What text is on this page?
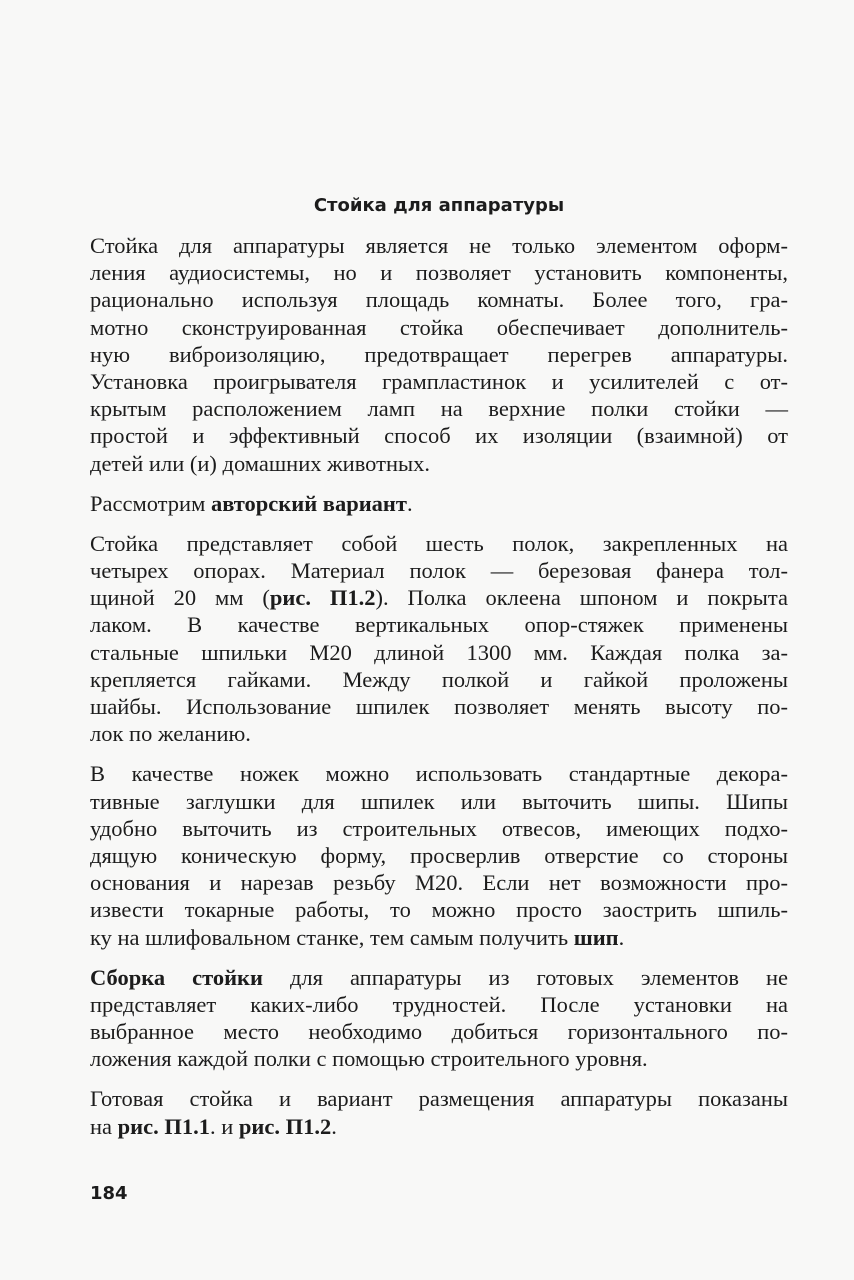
Стойка для аппаратуры
Стойка для аппаратуры является не только элементом оформ-
ления аудиосистемы, но и позволяет установить компоненты,
рационально используя площадь комнаты. Более того, гра-
мотно сконструированная стойка обеспечивает дополнитель-
ную виброизоляцию, предотвращает перегрев аппаратуры.
Установка проигрывателя грампластинок и усилителей с от-
крытым расположением ламп на верхние полки стойки —
простой и эффективный способ их изоляции (взаимной) от
детей или (и) домашних животных.
Рассмотрим авторский вариант.
Стойка представляет собой шесть полок, закрепленных на
четырех опорах. Материал полок — березовая фанера тол-
щиной 20 мм (рис. П1.2). Полка оклеена шпоном и покрыта
лаком. В качестве вертикальных опор-стяжек применены
стальные шпильки М20 длиной 1300 мм. Каждая полка за-
крепляется гайками. Между полкой и гайкой проложены
шайбы. Использование шпилек позволяет менять высоту по-
лок по желанию.
В качестве ножек можно использовать стандартные декора-
тивные заглушки для шпилек или выточить шипы. Шипы
удобно выточить из строительных отвесов, имеющих подхо-
дящую коническую форму, просверлив отверстие со стороны
основания и нарезав резьбу М20. Если нет возможности про-
извести токарные работы, то можно просто заострить шпиль-
ку на шлифовальном станке, тем самым получить шип.
Сборка стойки для аппаратуры из готовых элементов не
представляет каких-либо трудностей. После установки на
выбранное место необходимо добиться горизонтального по-
ложения каждой полки с помощью строительного уровня.
Готовая стойка и вариант размещения аппаратуры показаны
на рис. П1.1. и рис. П1.2.
184
